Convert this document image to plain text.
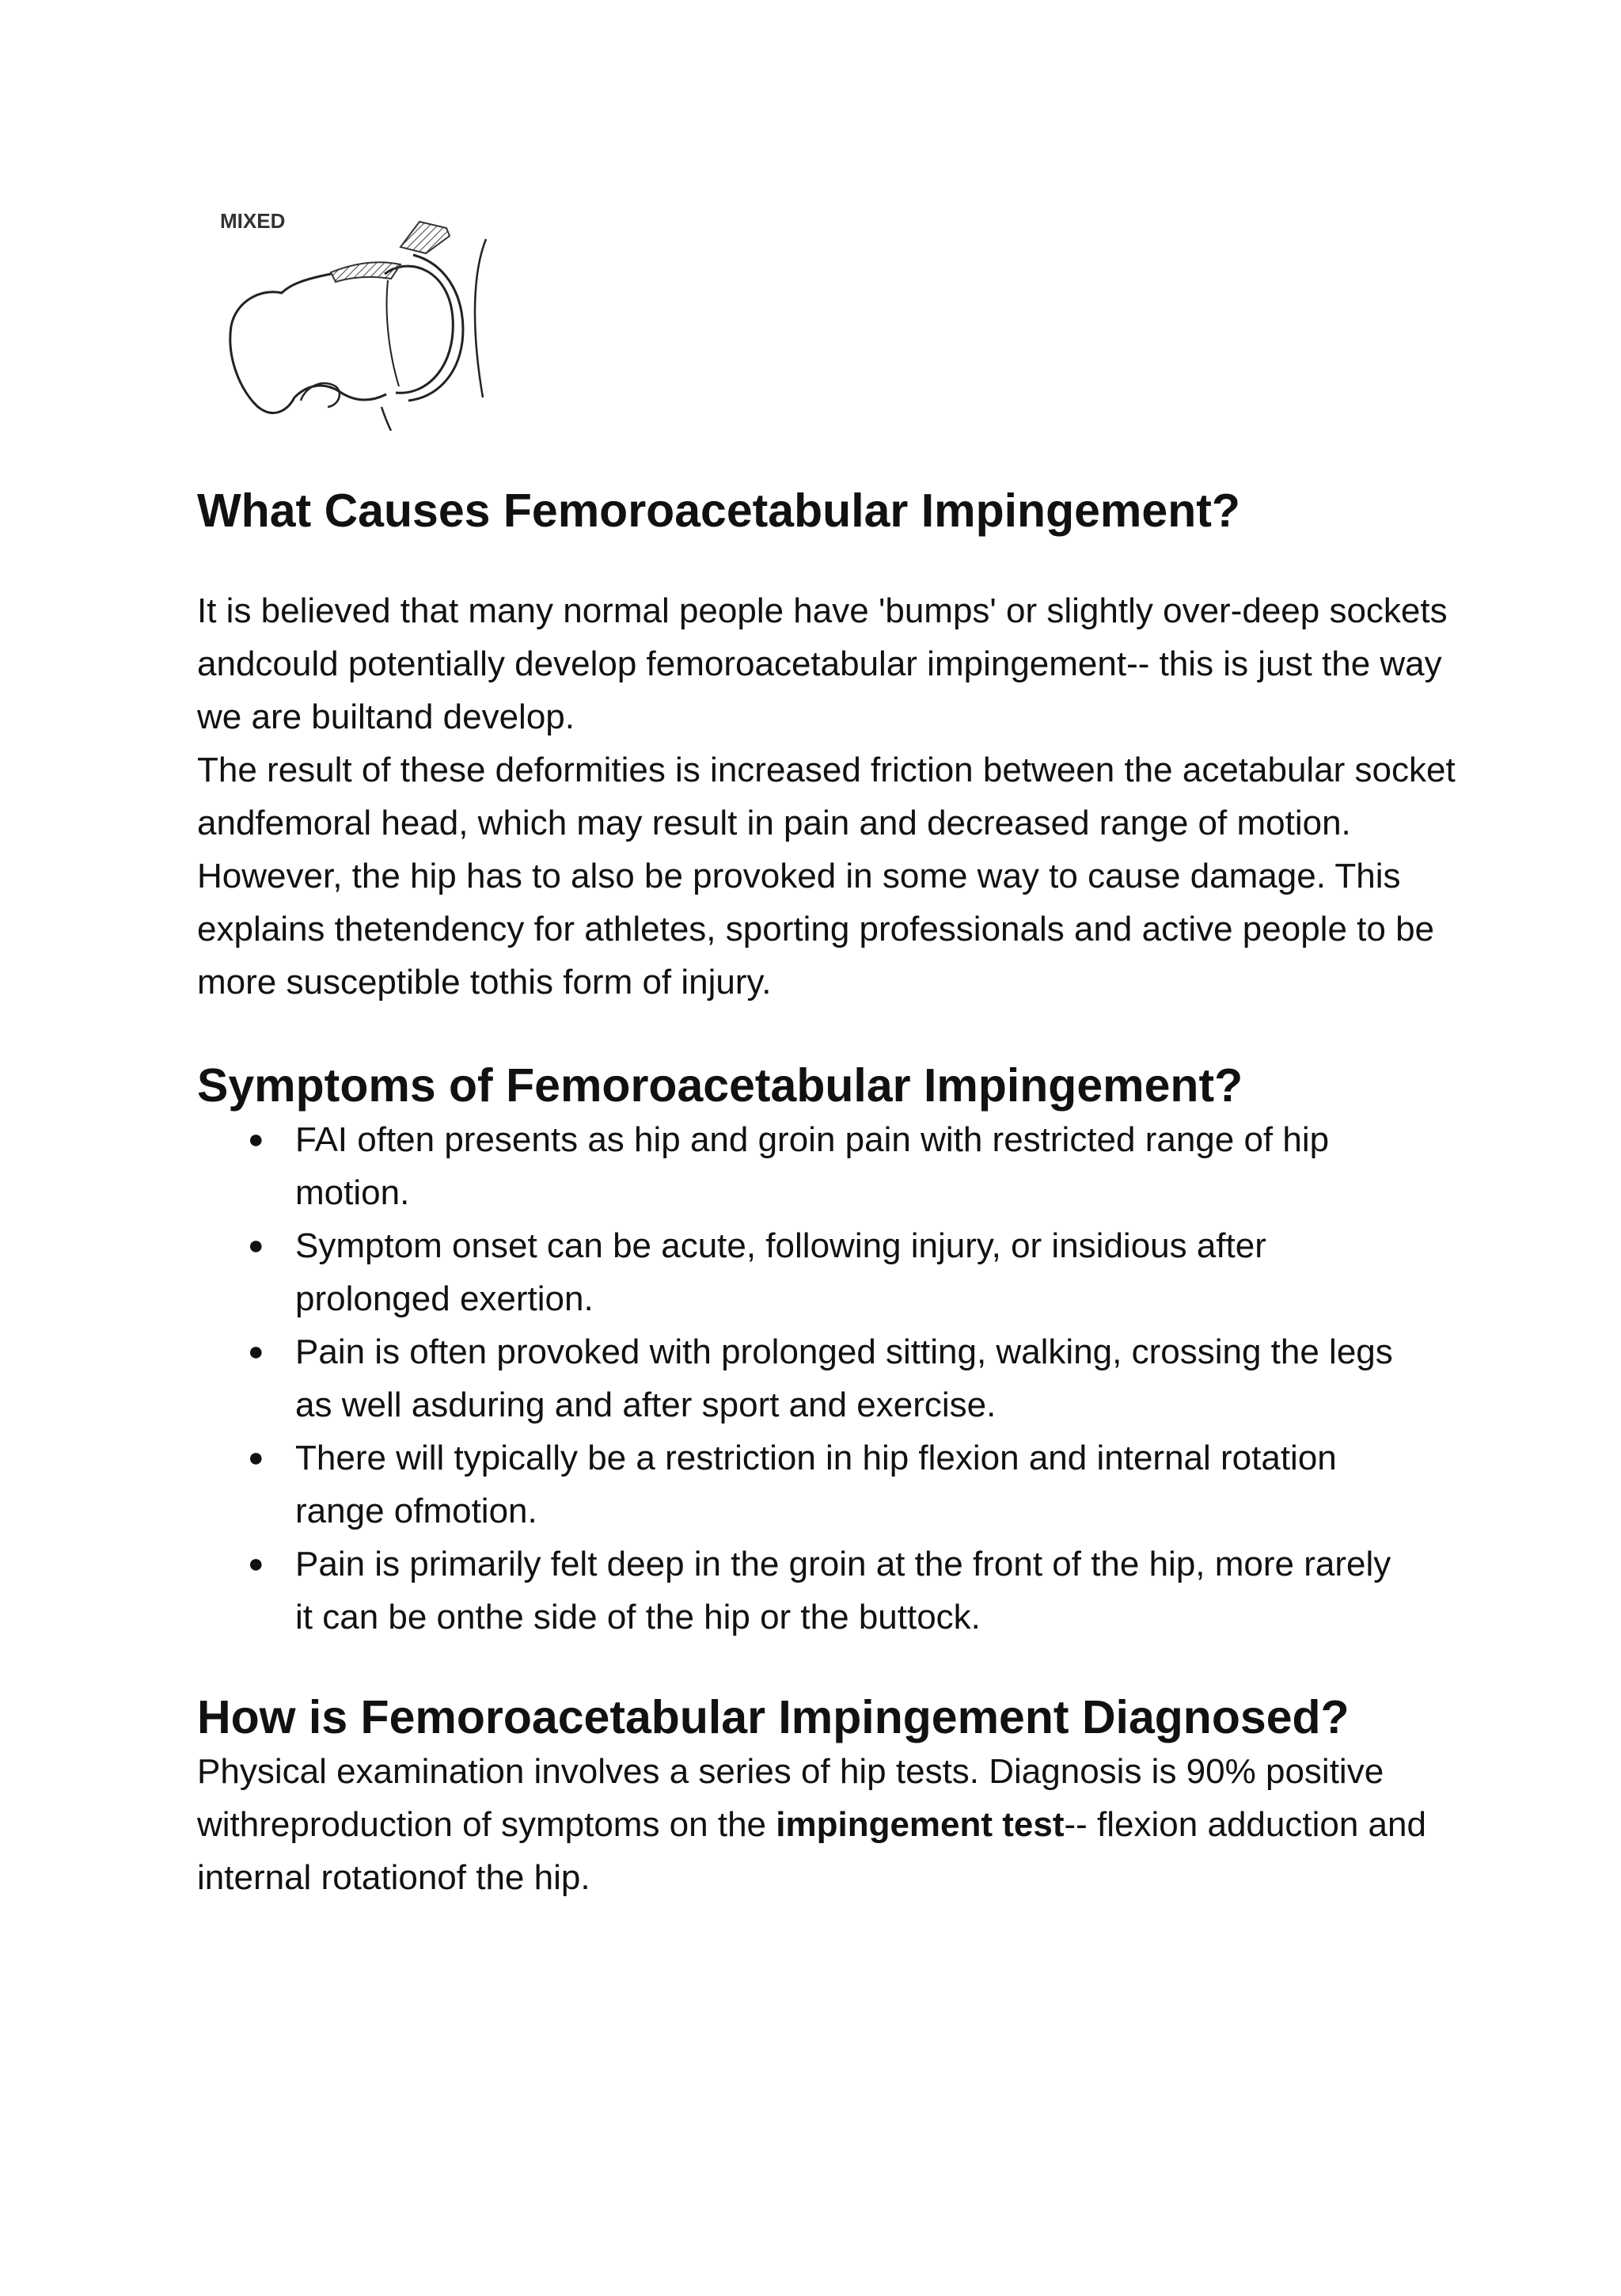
MIXED
What Causes Femoroacetabular Impingement?

It is believed that many normal people have 'bumps' or slightly over-deep sockets andcould potentially develop femoroacetabular impingement-- this is just the way we are builtand develop.

The result of these deformities is increased friction between the acetabular socket andfemoral head, which may result in pain and decreased range of motion.

However, the hip has to also be provoked in some way to cause damage. This explains thetendency for athletes, sporting professionals and active people to be more susceptible tothis form of injury.

Symptoms of Femoroacetabular Impingement?
● FAI often presents as hip and groin pain with restricted range of hip motion.
● Symptom onset can be acute, following injury, or insidious after prolonged exertion.
● Pain is often provoked with prolonged sitting, walking, crossing the legs as well asduring and after sport and exercise.
● There will typically be a restriction in hip flexion and internal rotation range ofmotion.
● Pain is primarily felt deep in the groin at the front of the hip, more rarely it can be onthe side of the hip or the buttock.
How is Femoroacetabular Impingement Diagnosed?

Physical examination involves a series of hip tests. Diagnosis is 90% positive withreproduction of symptoms on the impingement test-- flexion adduction and internal rotationof the hip.
